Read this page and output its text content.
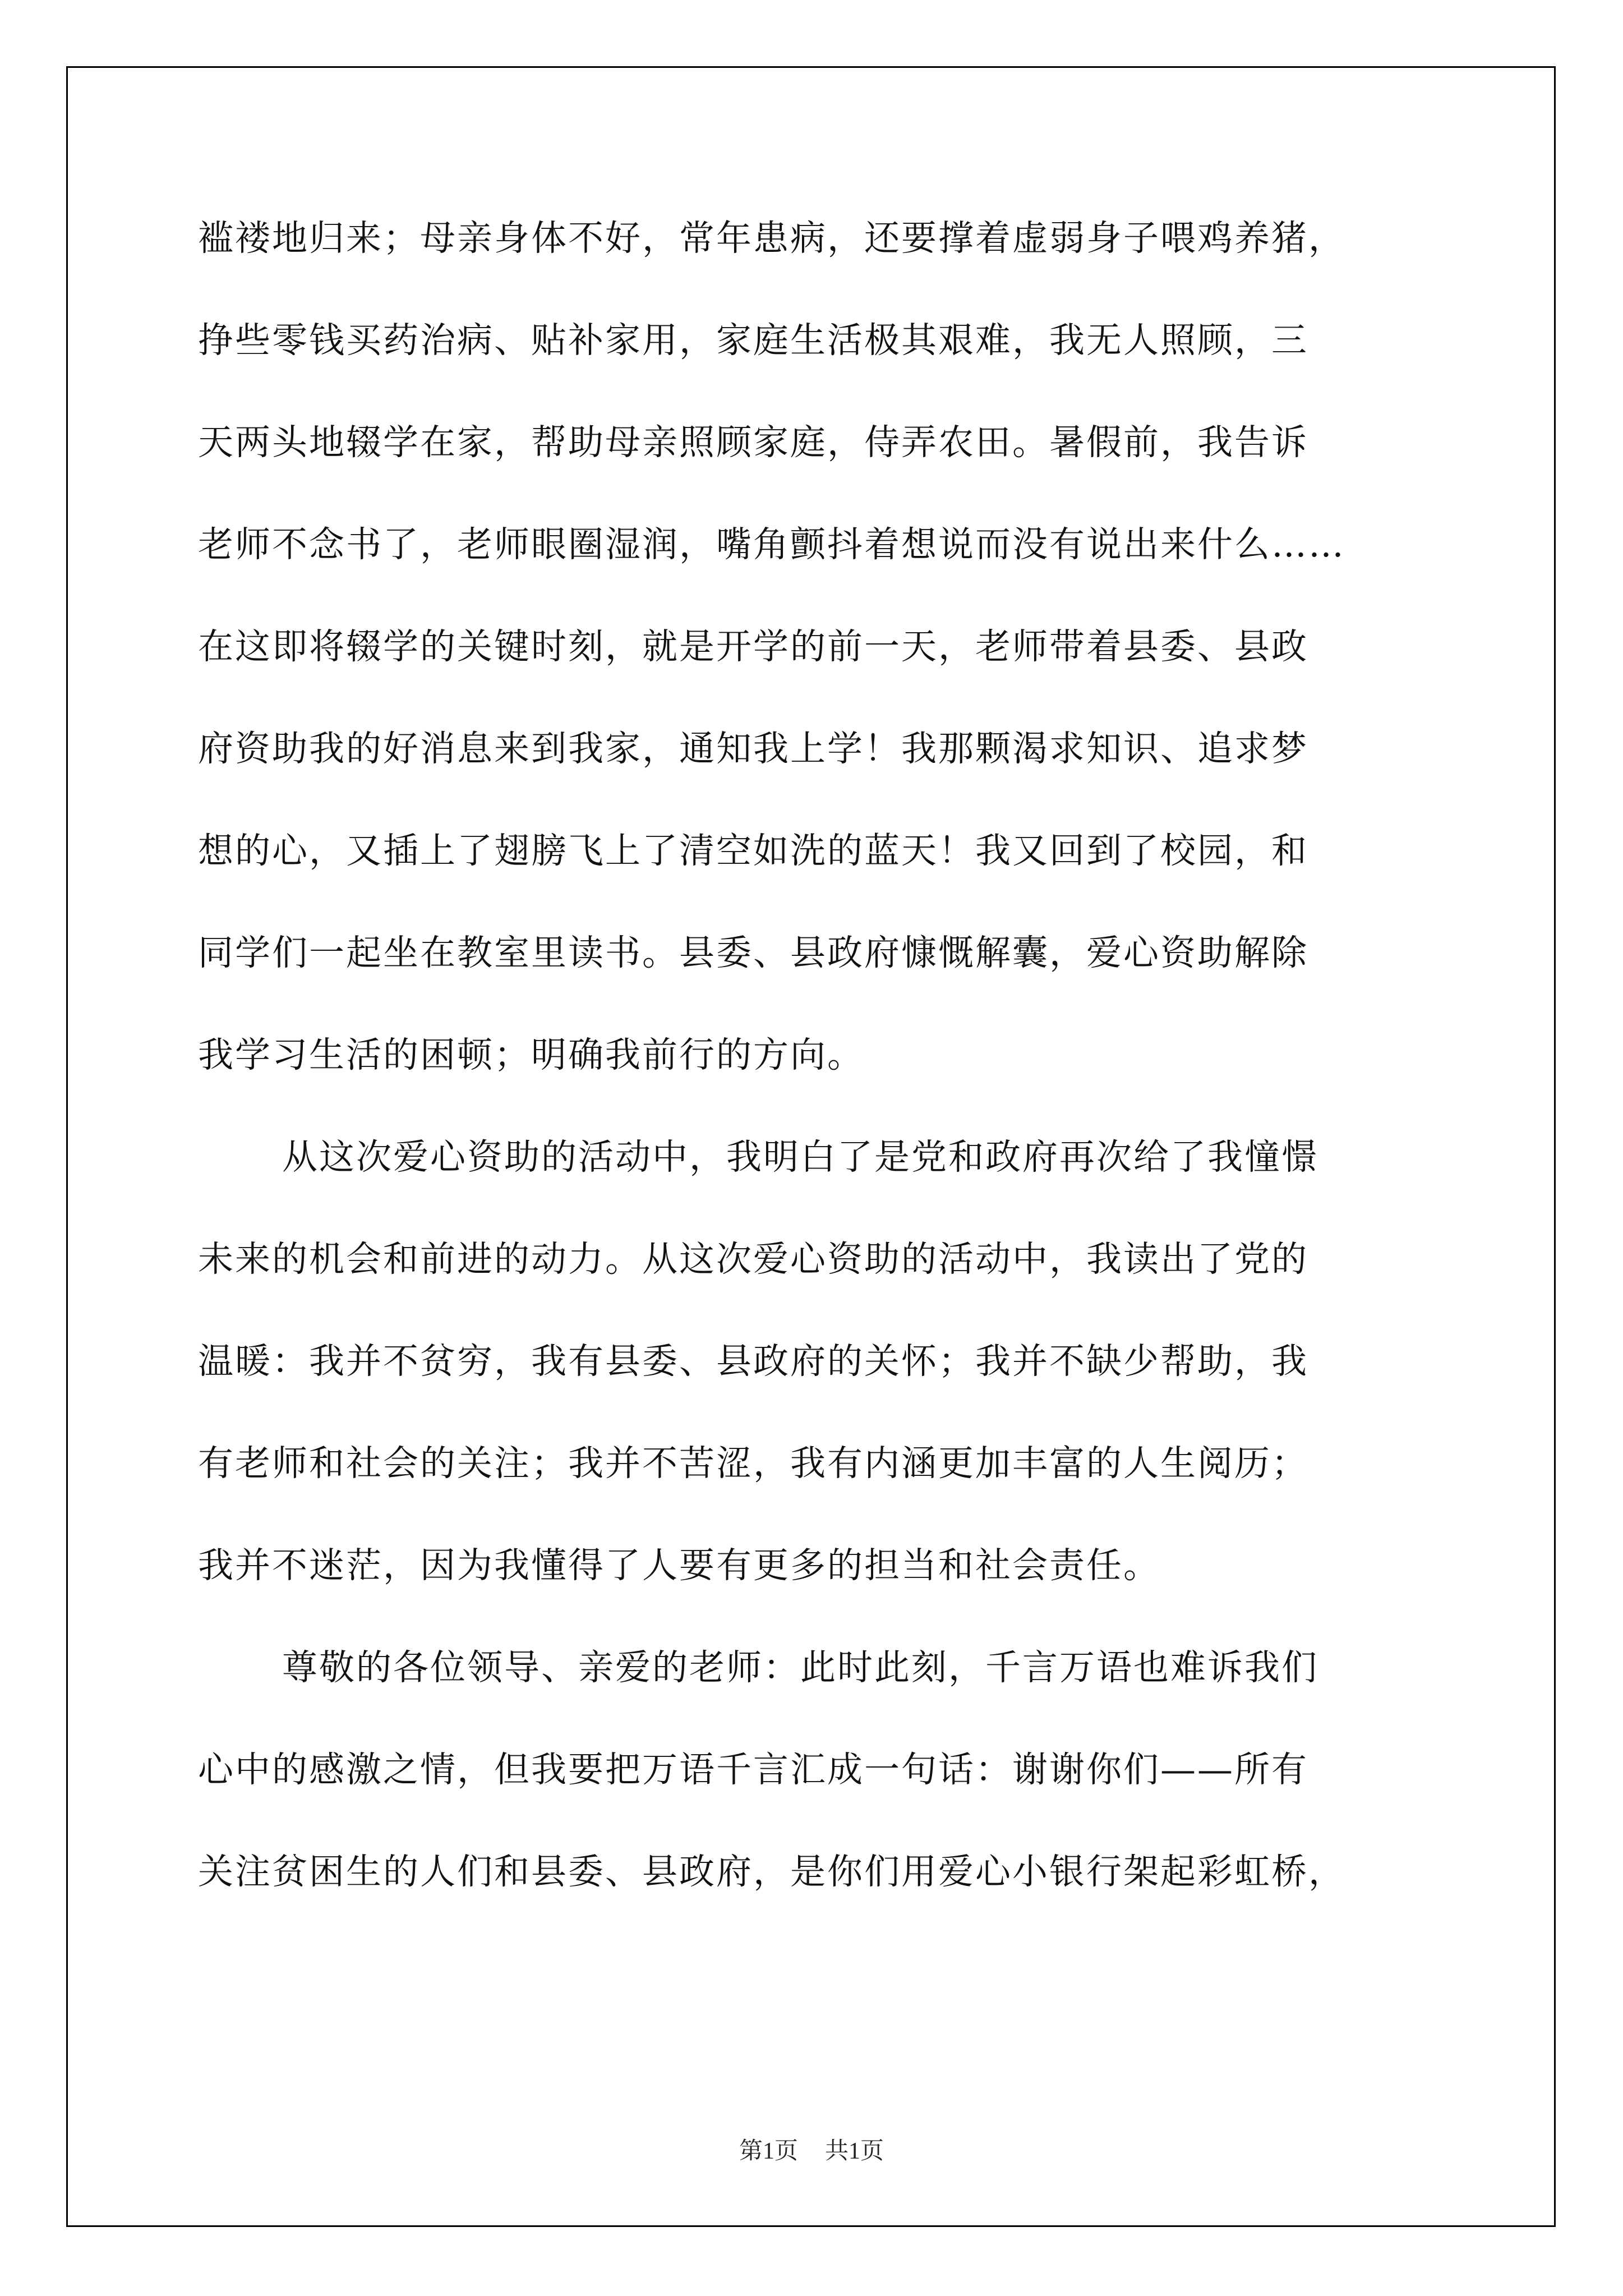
褴褛地归来；母亲身体不好，常年患病，还要撑着虚弱身子喂鸡养猪，
挣些零钱买药治病、贴补家用，家庭生活极其艰难，我无人照顾，三
天两头地辍学在家，帮助母亲照顾家庭，侍弄农田。暑假前，我告诉
老师不念书了，老师眼圈湿润，嘴角颤抖着想说而没有说出来什么……
在这即将辍学的关键时刻，就是开学的前一天，老师带着县委、县政
府资助我的好消息来到我家，通知我上学！我那颗渴求知识、追求梦
想的心，又插上了翅膀飞上了清空如洗的蓝天！我又回到了校园，和
同学们一起坐在教室里读书。县委、县政府慷慨解囊，爱心资助解除
我学习生活的困顿；明确我前行的方向。
从这次爱心资助的活动中，我明白了是党和政府再次给了我憧憬
未来的机会和前进的动力。从这次爱心资助的活动中，我读出了党的
温暖：我并不贫穷，我有县委、县政府的关怀；我并不缺少帮助，我
有老师和社会的关注；我并不苦涩，我有内涵更加丰富的人生阅历；
我并不迷茫，因为我懂得了人要有更多的担当和社会责任。
尊敬的各位领导、亲爱的老师：此时此刻，千言万语也难诉我们
心中的感激之情，但我要把万语千言汇成一句话：谢谢你们——所有
关注贫困生的人们和县委、县政府，是你们用爱心小银行架起彩虹桥，
第1页 共1页
